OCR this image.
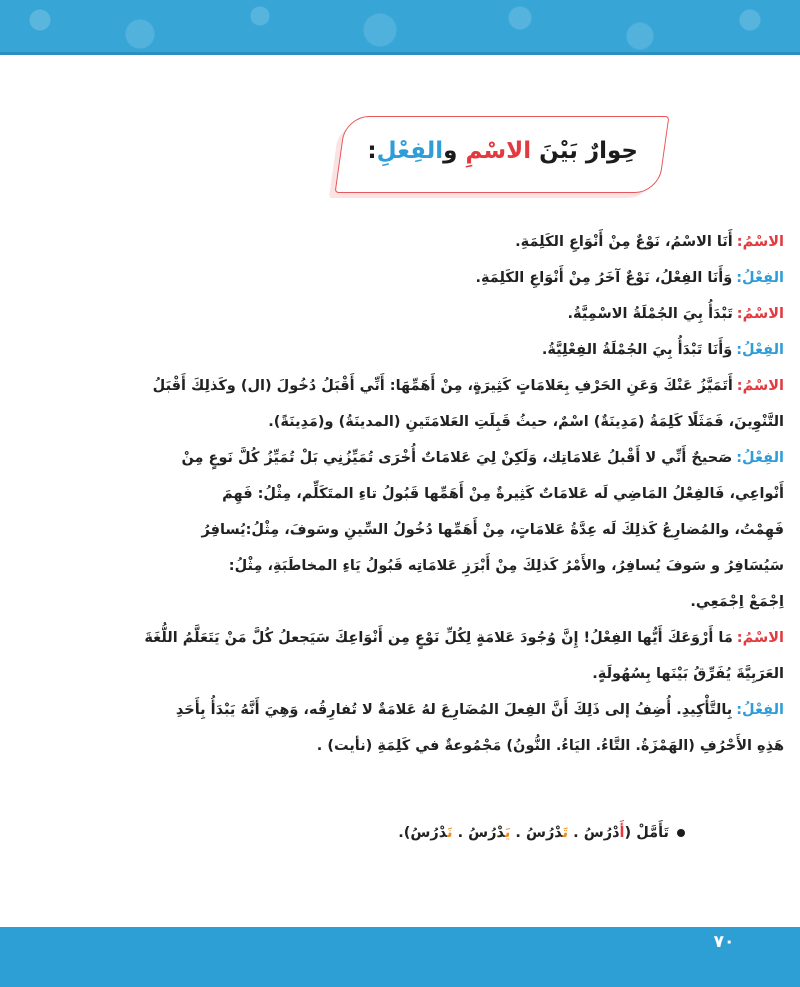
حِوارٌ بَيْنَ الاسْمِ والفِعْلِ:
الاسْمُ:أَنَا الاسْمُ، نَوْعٌ مِنْ أَنْوَاعِ الكَلِمَةِ.
الفِعْلُ:وَأَنَا الفِعْلُ، نَوْعٌ آخَرُ مِنْ أَنْوَاعِ الكَلِمَةِ.
الاسْمُ:تَبْدَأُ بِيَ الجُمْلَةُ الاسْمِيَّةُ.
الفِعْلُ:وَأَنَا تَبْدَأُ بِيَ الجُمْلَةُ الفِعْلِيَّةُ.
الاسْمُ:أَتَمَيَّزُ عَنْكَ وَعَنِ الحَرْفِ بِعَلامَاتٍ كَثِيرَةٍ، مِنْ أَهَمِّهَا: أَنِّي أَقْبَلُ دُخُولَ (ال) وكَذلِكَ أَقْبَلُ
التَّنْوِينَ، فَمَثَلًا كَلِمَةُ (مَدِينَةٌ) اسْمٌ، حيثُ قَبِلَتِ العَلامَتَينِ (المدينَةُ) و(مَدِينَةً).
الفِعْلُ:صَحيحٌ أَنِّي لا أَقْبلُ عَلامَاتِك، وَلَكِنْ لِيَ عَلامَاتٌ أُخْرَى تُمَيِّزُنِي بَلْ تُمَيِّزُ كُلَّ نَوعٍ مِنْ
أَنْواعِي، فَالفِعْلُ المَاضِي لَه عَلامَاتٌ كَثِيرةٌ مِنْ أَهَمِّها قَبُولُ تاءِ المتَكَلِّم، مِثْلُ: فَهِمَ
فَهِمْتُ، والمُضارِعُ كَذلِكَ لَه عِدَّةُ عَلامَاتٍ، مِنْ أَهَمِّها دُخُولُ السِّينِ وسَوفَ، مِثْلُ:يُسافِرُ
سَيُسَافِرُ و سَوفَ يُسافِرُ، والأَمْرُ كَذلِكَ مِنْ أَبْرَزِ عَلامَاتِه قَبُولُ يَاءِ المخاطَبَةِ، مِثْلُ:
اِجْمَعْ اِجْمَعِي.
الاسْمُ:مَا أَرْوَعَكَ أَيُّها الفِعْلُ! إِنَّ وُجُودَ عَلامَةٍ لِكُلِّ نَوْعٍ مِن أَنْوَاعِكَ سَيَجعلُ كُلَّ مَنْ يَتَعَلَّمُ اللُّغَةَ
العَرَبِيَّةَ يُفَرِّقُ بَيْنَها بِسُهُولَةٍ.
الفِعْلُ:بِالتَّأْكِيدِ. أُضِفُ إلى ذَلِكَ أَنَّ الفِعلَ المُضَارِعَ لهُ عَلامَةٌ لا تُفارِقُه، وَهِيَ أَنَّهُ يَبْدَأُ بِأَحَدِ
هَذِهِ الأَحْرُفِ (الهَمْزَةُ. التَّاءُ. اليَاءُ. النُّونُ) مَجْمُوعةٌ في كَلِمَةِ (نأيت) .
تَأَمَّلْ (أَدْرُسُ . تَدْرُسُ . يَدْرُسُ . نَدْرُسُ).
٧٠
